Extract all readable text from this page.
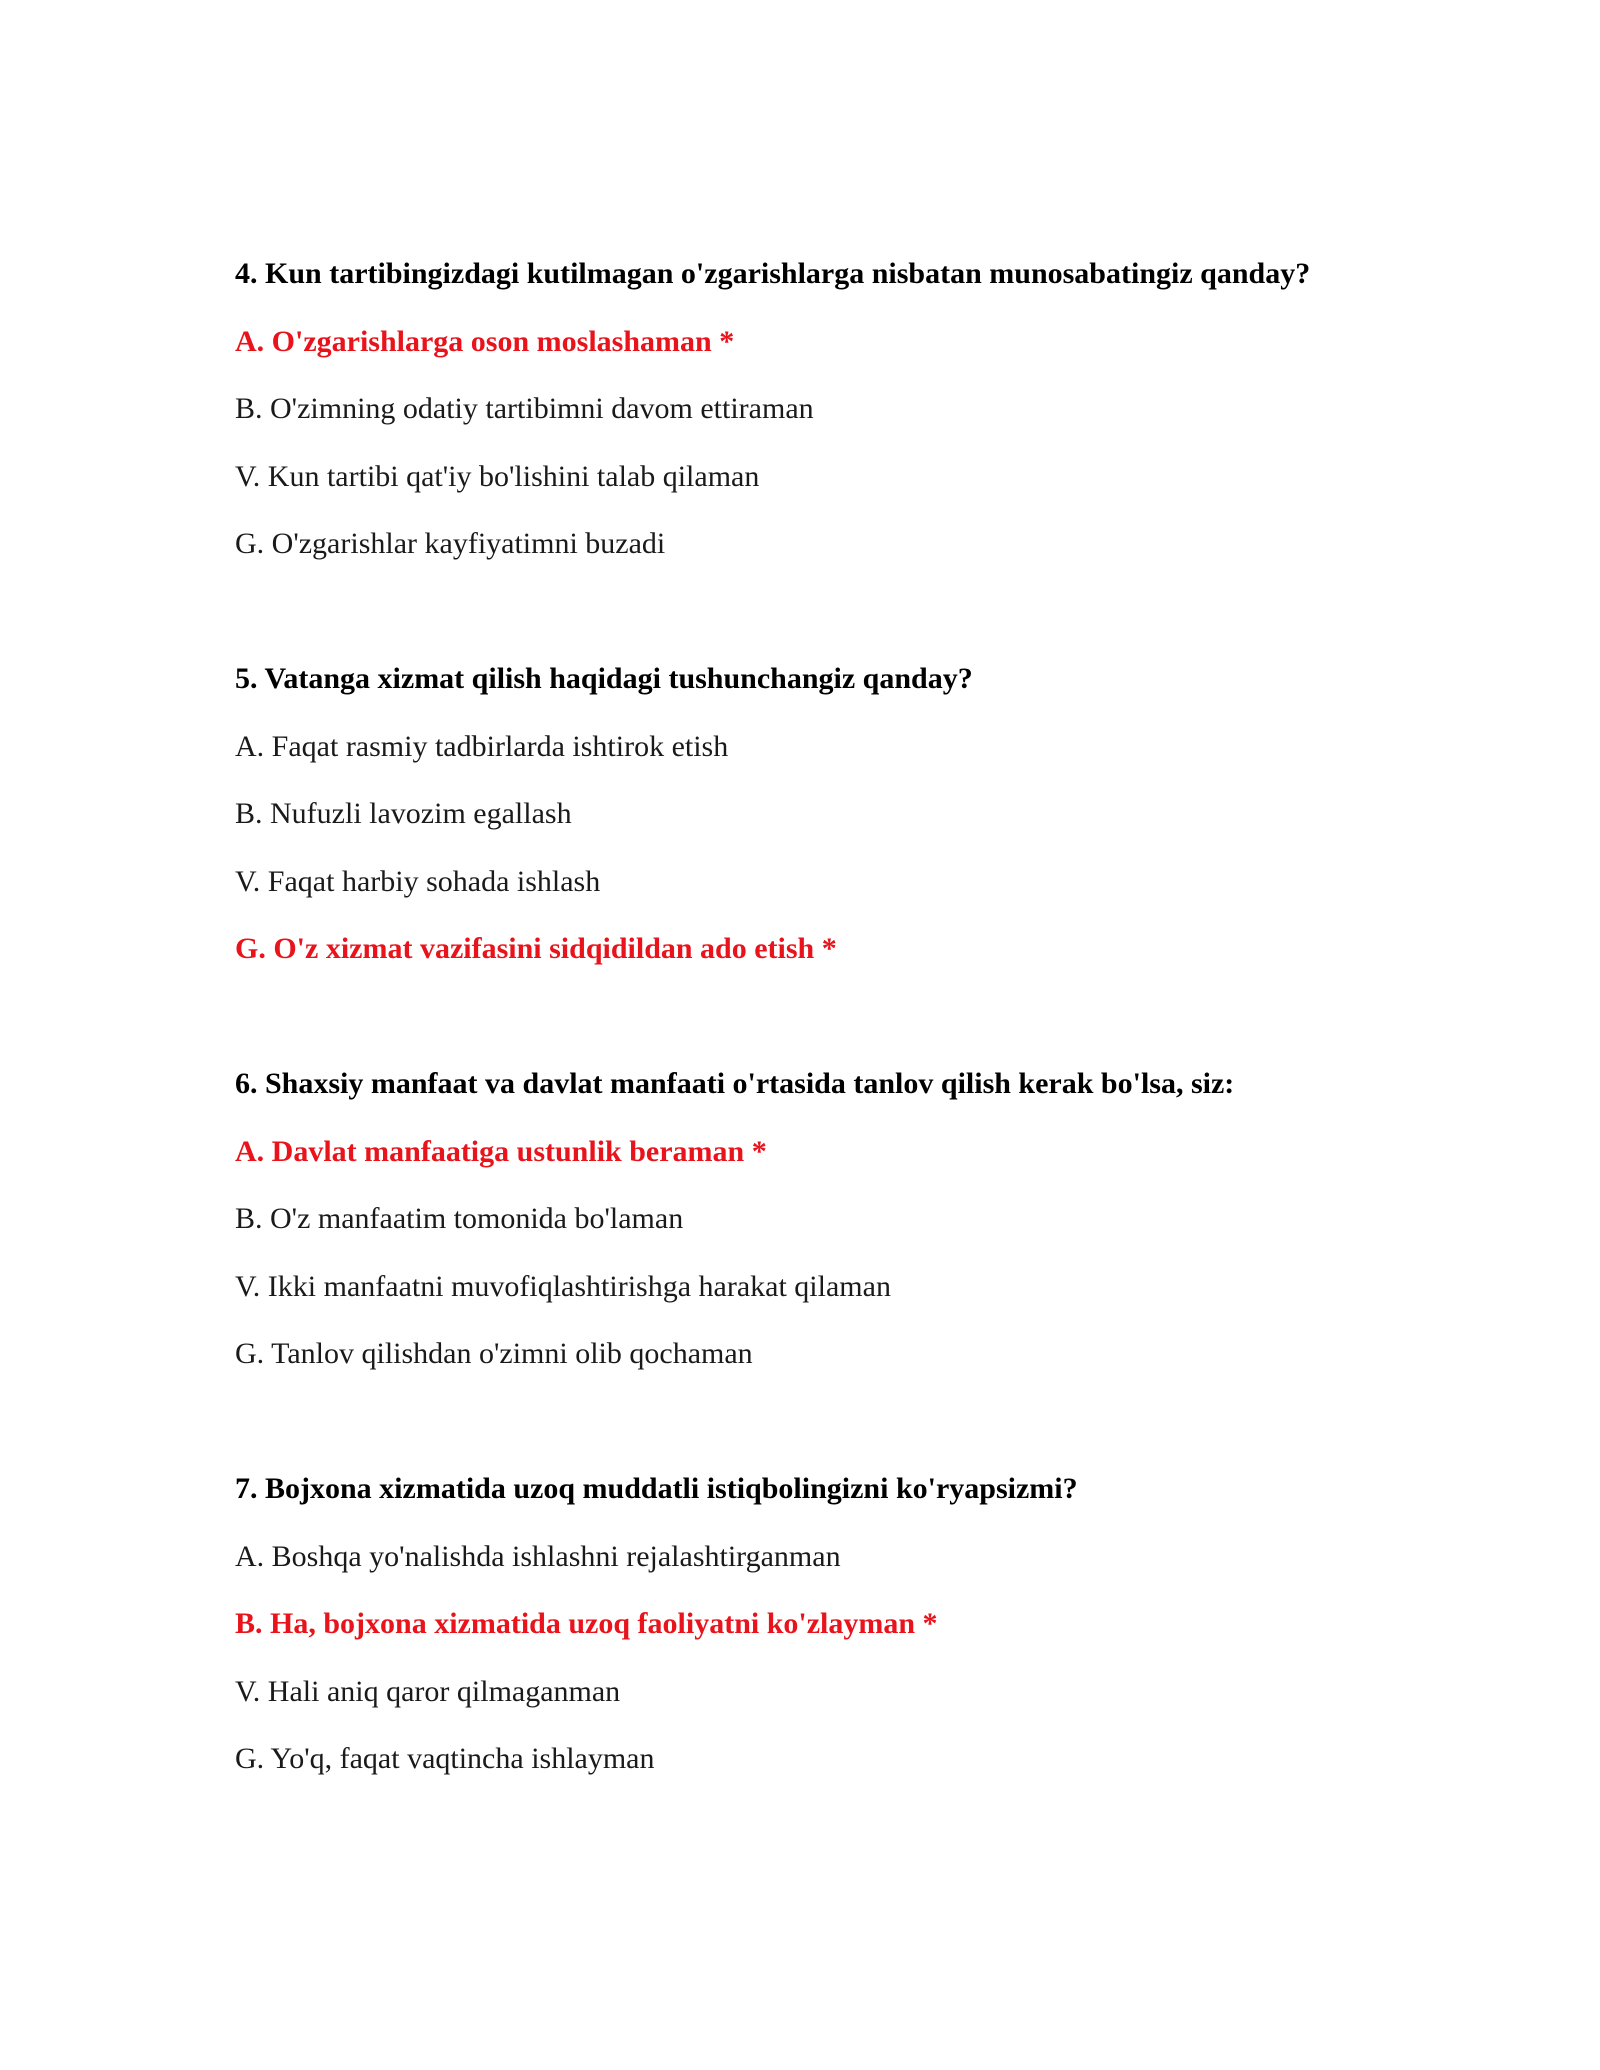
4. Kun tartibingizdagi kutilmagan o'zgarishlarga nisbatan munosabatingiz qanday?

A. O'zgarishlarga oson moslashaman *

B. O'zimning odatiy tartibimni davom ettiraman

V. Kun tartibi qat'iy bo'lishini talab qilaman

G. O'zgarishlar kayfiyatimni buzadi

5. Vatanga xizmat qilish haqidagi tushunchangiz qanday?

A. Faqat rasmiy tadbirlarda ishtirok etish

B. Nufuzli lavozim egallash

V. Faqat harbiy sohada ishlash

G. O'z xizmat vazifasini sidqidildan ado etish *

6. Shaxsiy manfaat va davlat manfaati o'rtasida tanlov qilish kerak bo'lsa, siz:

A. Davlat manfaatiga ustunlik beraman *

B. O'z manfaatim tomonida bo'laman

V. Ikki manfaatni muvofiqlashtirishga harakat qilaman

G. Tanlov qilishdan o'zimni olib qochaman

7. Bojxona xizmatida uzoq muddatli istiqbolingizni ko'ryapsizmi?

A. Boshqa yo'nalishda ishlashni rejalashtirganman

B. Ha, bojxona xizmatida uzoq faoliyatni ko'zlayman *

V. Hali aniq qaror qilmaganman

G. Yo'q, faqat vaqtincha ishlayman
